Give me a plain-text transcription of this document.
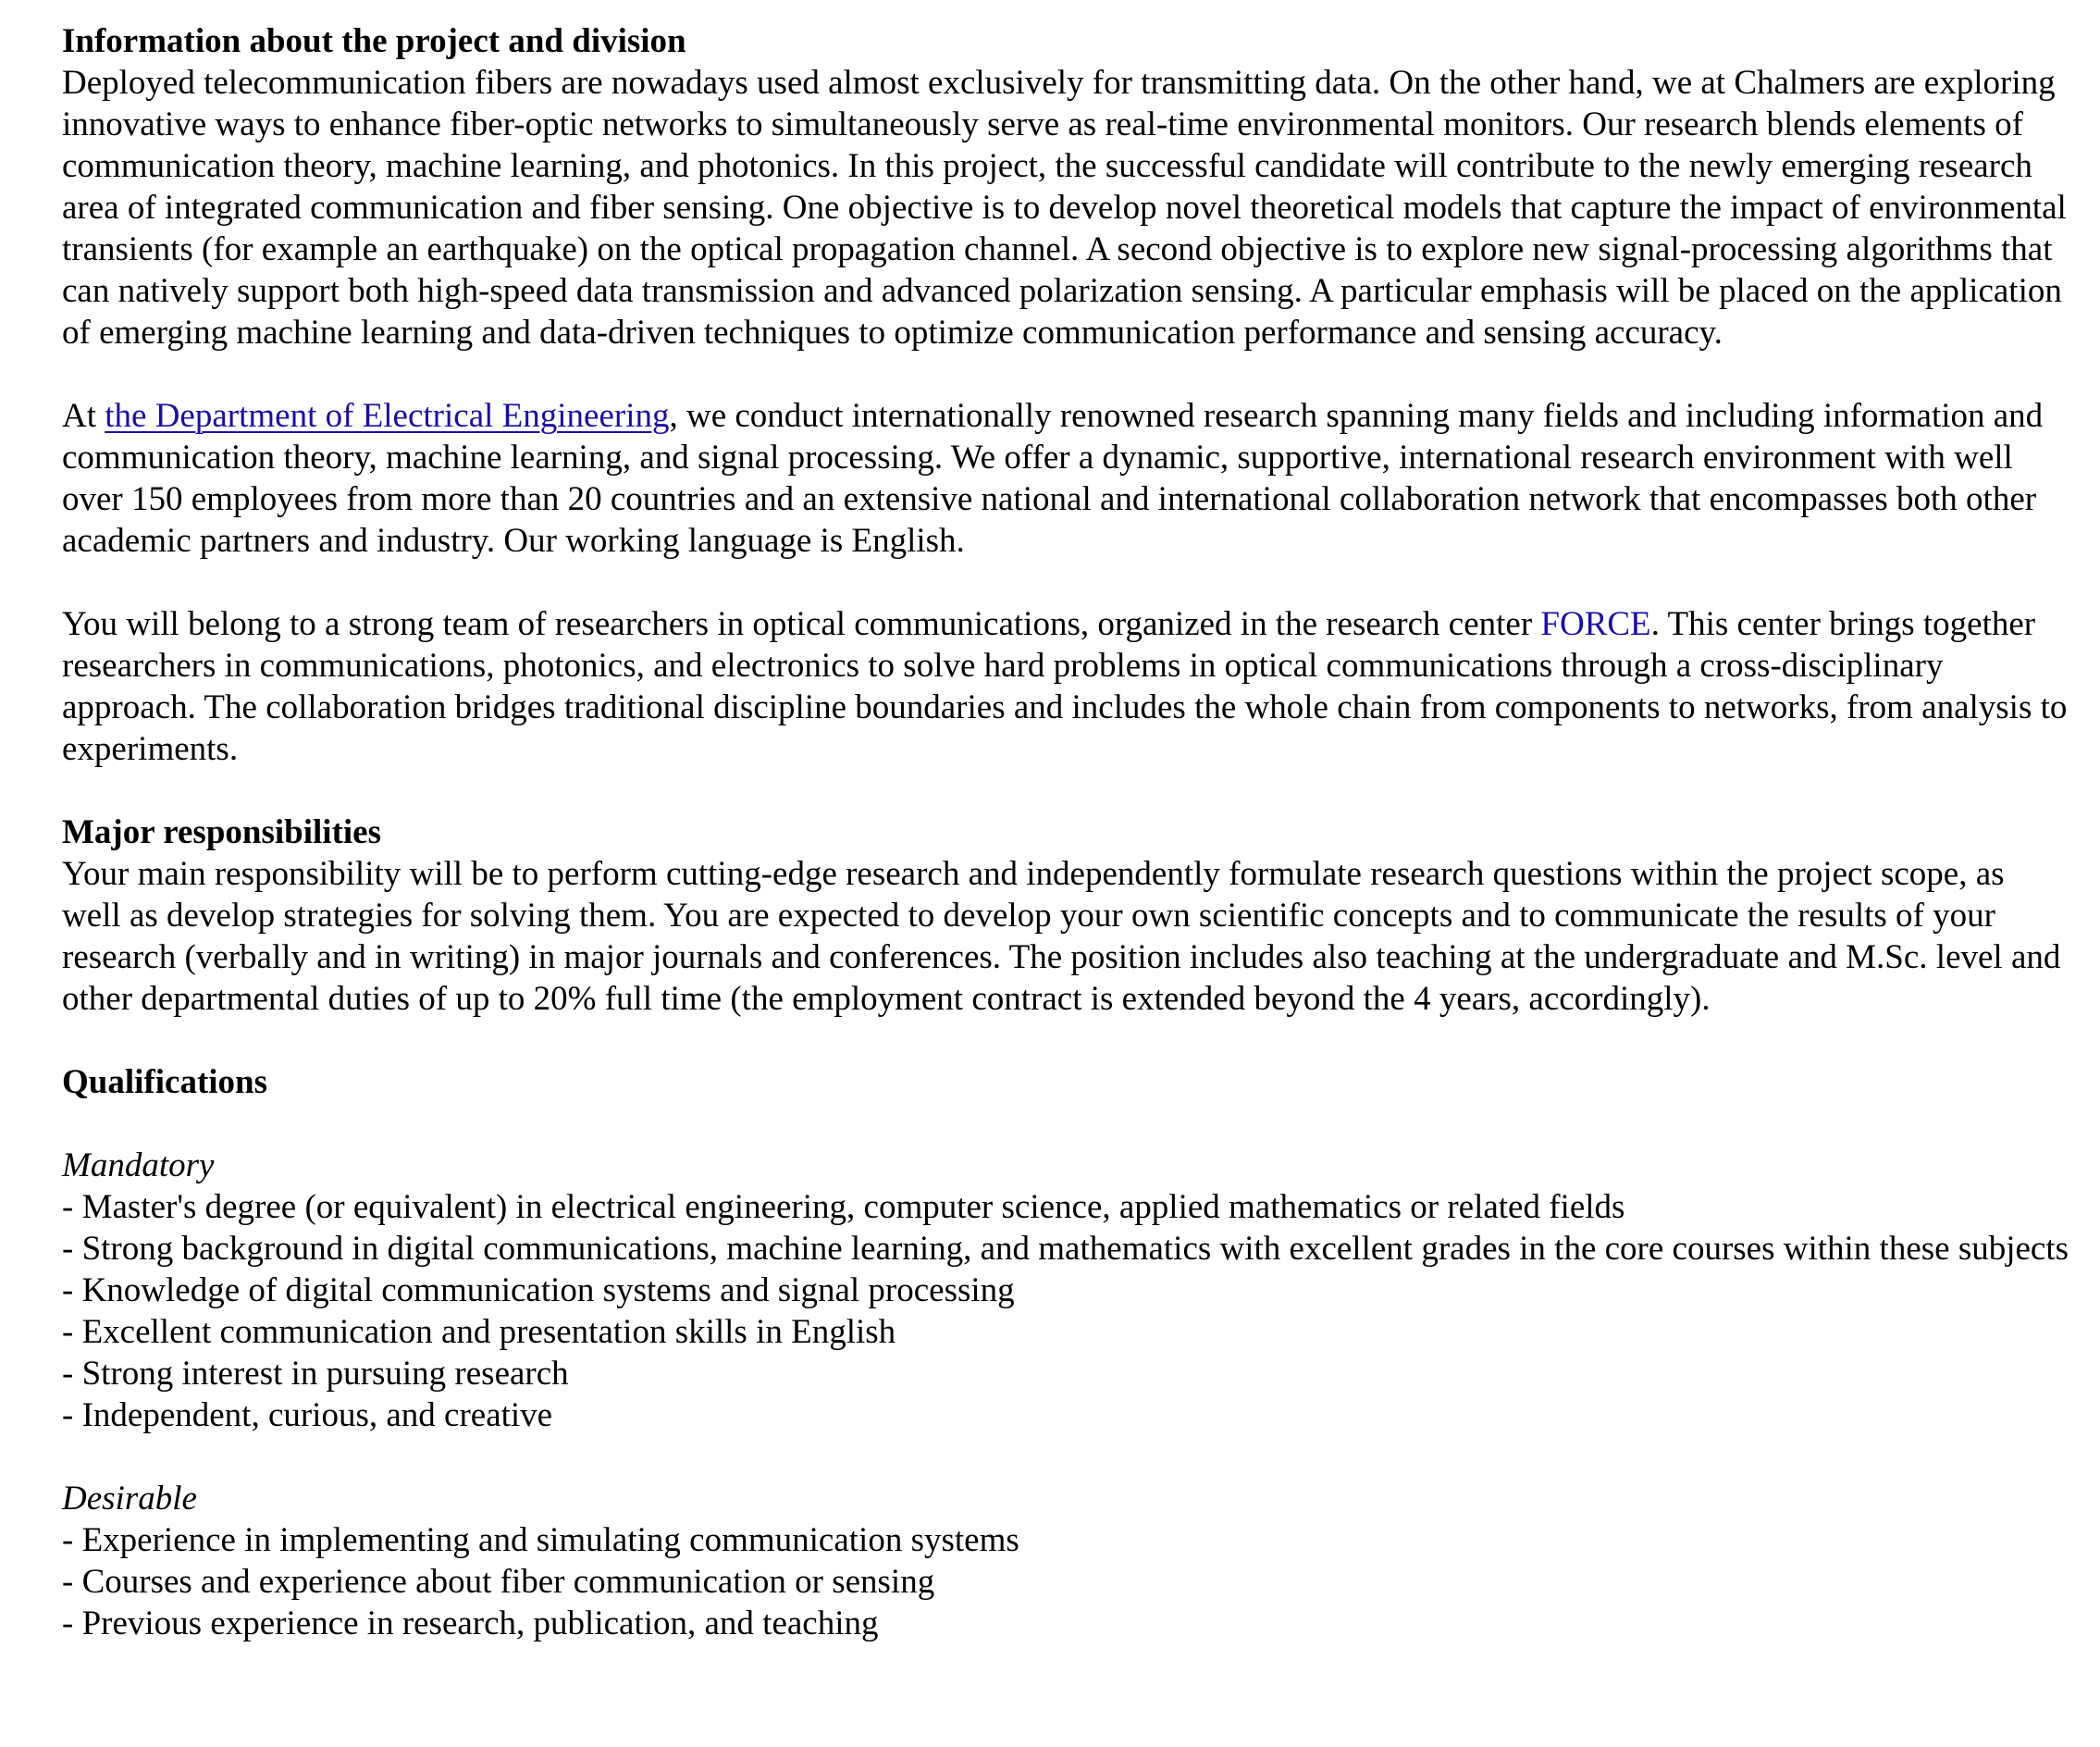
Information about the project and division

Deployed telecommunication fibers are nowadays used almost exclusively for transmitting data. On the other hand, we at Chalmers are exploring innovative ways to enhance fiber-optic networks to simultaneously serve as real-time environmental monitors. Our research blends elements of communication theory, machine learning, and photonics. In this project, the successful candidate will contribute to the newly emerging research area of integrated communication and fiber sensing. One objective is to develop novel theoretical models that capture the impact of environmental transients (for example an earthquake) on the optical propagation channel. A second objective is to explore new signal-processing algorithms that can natively support both high-speed data transmission and advanced polarization sensing. A particular emphasis will be placed on the application of emerging machine learning and data-driven techniques to optimize communication performance and sensing accuracy.

At the Department of Electrical Engineering, we conduct internationally renowned research spanning many fields and including information and communication theory, machine learning, and signal processing. We offer a dynamic, supportive, international research environment with well over 150 employees from more than 20 countries and an extensive national and international collaboration network that encompasses both other academic partners and industry. Our working language is English.

You will belong to a strong team of researchers in optical communications, organized in the research center FORCE. This center brings together researchers in communications, photonics, and electronics to solve hard problems in optical communications through a cross-disciplinary approach. The collaboration bridges traditional discipline boundaries and includes the whole chain from components to networks, from analysis to experiments.

Major responsibilities

Your main responsibility will be to perform cutting-edge research and independently formulate research questions within the project scope, as well as develop strategies for solving them. You are expected to develop your own scientific concepts and to communicate the results of your research (verbally and in writing) in major journals and conferences. The position includes also teaching at the undergraduate and M.Sc. level and other departmental duties of up to 20% full time (the employment contract is extended beyond the 4 years, accordingly).

Qualifications
Mandatory
- Master's degree (or equivalent) in electrical engineering, computer science, applied mathematics or related fields
- Strong background in digital communications, machine learning, and mathematics with excellent grades in the core courses within these subjects
- Knowledge of digital communication systems and signal processing
- Excellent communication and presentation skills in English
- Strong interest in pursuing research
- Independent, curious, and creative
Desirable
- Experience in implementing and simulating communication systems
- Courses and experience about fiber communication or sensing
- Previous experience in research, publication, and teaching
